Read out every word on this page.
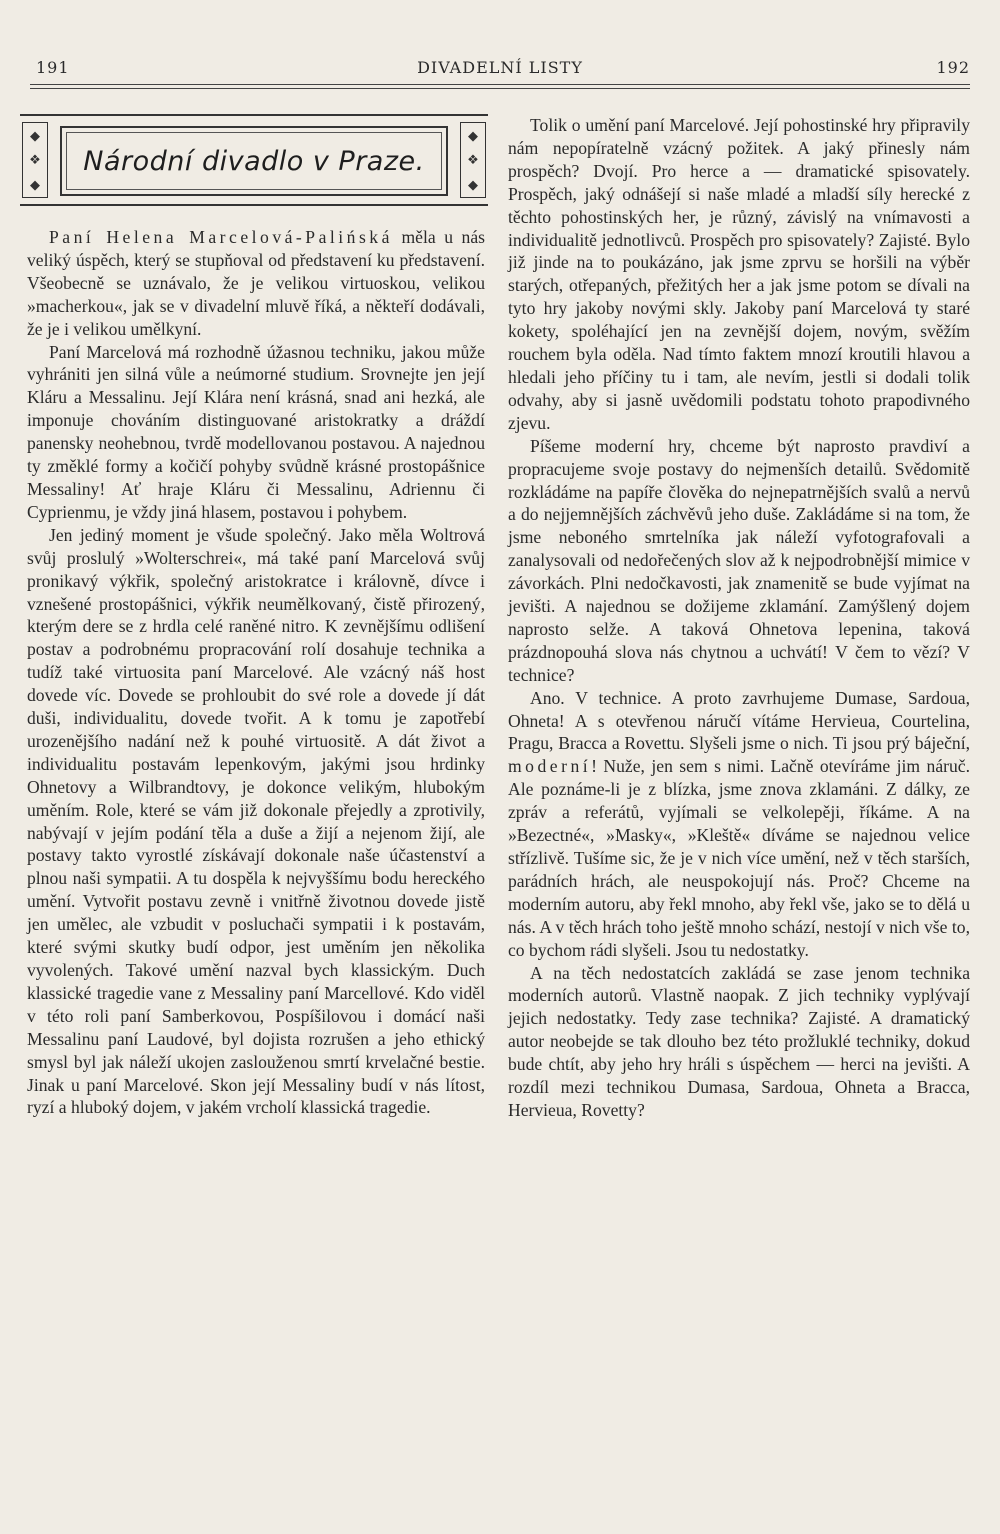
191	DIVADELNÍ LISTY	192
◆
❖
◆
Národní divadlo v Praze.
◆
❖
◆

Paní Helena Marcelová-Palińská měla u nás veliký úspěch, který se stupňoval od představení ku představení. Všeobecně se uznávalo, že je velikou virtuoskou, velikou »macherkou«, jak se v divadelní mluvě říká, a někteří dodávali, že je i velikou umělkyní.

Paní Marcelová má rozhodně úžasnou techniku, jakou může vyhrániti jen silná vůle a neúmorné studium. Srovnejte jen její Kláru a Messalinu. Její Klára není krásná, snad ani hezká, ale imponuje chováním distinguované aristokratky a dráždí panensky neohebnou, tvrdě modellovanou postavou. A najednou ty změklé formy a kočičí pohyby svůdně krásné prostopášnice Messaliny! Ať hraje Kláru či Messalinu, Adriennu či Cyprienmu, je vždy jiná hlasem, postavou i pohybem.

Jen jediný moment je všude společný. Jako měla Woltrová svůj proslulý »Wolterschrei«, má také paní Marcelová svůj pronikavý výkřik, společný aristokratce i královně, dívce i vznešené prostopášnici, výkřik neumělkovaný, čistě přirozený, kterým dere se z hrdla celé raněné nitro. K zevnějšímu odlišení postav a podrobnému propracování rolí dosahuje technika a tudíž také virtuosita paní Marcelové. Ale vzácný náš host dovede víc. Dovede se prohloubit do své role a dovede jí dát duši, individualitu, dovede tvořit. A k tomu je zapotřebí urozenějšího nadání než k pouhé virtuositě. A dát život a individualitu postavám lepenkovým, jakými jsou hrdinky Ohnetovy a Wilbrandtovy, je dokonce velikým, hlubokým uměním. Role, které se vám již dokonale přejedly a zprotivily, nabývají v jejím podání těla a duše a žijí a nejenom žijí, ale postavy takto vyrostlé získávají dokonale naše účastenství a plnou naši sympatii. A tu dospěla k nejvyššímu bodu hereckého umění. Vytvořit postavu zevně i vnitřně životnou dovede jistě jen umělec, ale vzbudit v posluchači sympatii i k postavám, které svými skutky budí odpor, jest uměním jen několika vyvolených. Takové umění nazval bych klassickým. Duch klassické tragedie vane z Messaliny paní Marcellové. Kdo viděl v této roli paní Samberkovou, Pospíšilovou i domácí naši Messalinu paní Laudové, byl dojista rozrušen a jeho ethický smysl byl jak náleží ukojen zaslouženou smrtí krvelačné bestie. Jinak u paní Marcelové. Skon její Messaliny budí v nás lítost, ryzí a hluboký dojem, v jakém vrcholí klassická tragedie.

Tolik o umění paní Marcelové. Její pohostinské hry připravily nám nepopíratelně vzácný požitek. A jaký přinesly nám prospěch? Dvojí. Pro herce a — dramatické spisovately. Prospěch, jaký odnášejí si naše mladé a mladší síly herecké z těchto pohostinských her, je různý, závislý na vnímavosti a individualitě jednotlivců. Prospěch pro spisovately? Zajisté. Bylo již jinde na to poukázáno, jak jsme zprvu se horšili na výběr starých, otřepaných, přežitých her a jak jsme potom se dívali na tyto hry jakoby novými skly. Jakoby paní Marcelová ty staré kokety, spoléhající jen na zevnější dojem, novým, svěžím rouchem byla oděla. Nad tímto faktem mnozí kroutili hlavou a hledali jeho příčiny tu i tam, ale nevím, jestli si dodali tolik odvahy, aby si jasně uvědomili podstatu tohoto prapodivného zjevu.

Píšeme moderní hry, chceme být naprosto pravdiví a propracujeme svoje postavy do nejmenších detailů. Svědomitě rozkládáme na papíře člověka do nejnepatrnějších svalů a nervů a do nejjemnějších záchvěvů jeho duše. Zakládáme si na tom, že jsme neboného smrtelníka jak náleží vyfotografovali a zanalysovali od nedořečených slov až k nejpodrobnější mimice v závorkách. Plni nedočkavosti, jak znamenitě se bude vyjímat na jevišti. A najednou se dožijeme zklamání. Zamýšlený dojem naprosto selže. A taková Ohnetova lepenina, taková prázdnopouhá slova nás chytnou a uchvátí! V čem to vězí? V technice?

Ano. V technice. A proto zavrhujeme Dumase, Sardoua, Ohneta! A s otevřenou náručí vítáme Hervieua, Courtelina, Pragu, Bracca a Rovettu. Slyšeli jsme o nich. Ti jsou prý báječní, moderní! Nuže, jen sem s nimi. Lačně otevíráme jim náruč. Ale poznáme-li je z blízka, jsme znova zklamáni. Z dálky, ze zpráv a referátů, vyjímali se velkolepěji, říkáme. A na »Bezectné«, »Masky«, »Kleště« díváme se najednou velice střízlivě. Tušíme sic, že je v nich více umění, než v těch starších, parádních hrách, ale neuspokojují nás. Proč? Chceme na moderním autoru, aby řekl mnoho, aby řekl vše, jako se to dělá u nás. A v těch hrách toho ještě mnoho schází, nestojí v nich vše to, co bychom rádi slyšeli. Jsou tu nedostatky.

A na těch nedostatcích zakládá se zase jenom technika moderních autorů. Vlastně naopak. Z jich techniky vyplývají jejich nedostatky. Tedy zase technika? Zajisté. A dramatický autor neobejde se tak dlouho bez této prožluklé techniky, dokud bude chtít, aby jeho hry hráli s úspěchem — herci na jevišti. A rozdíl mezi technikou Dumasa, Sardoua, Ohneta a Bracca, Hervieua, Rovetty?
